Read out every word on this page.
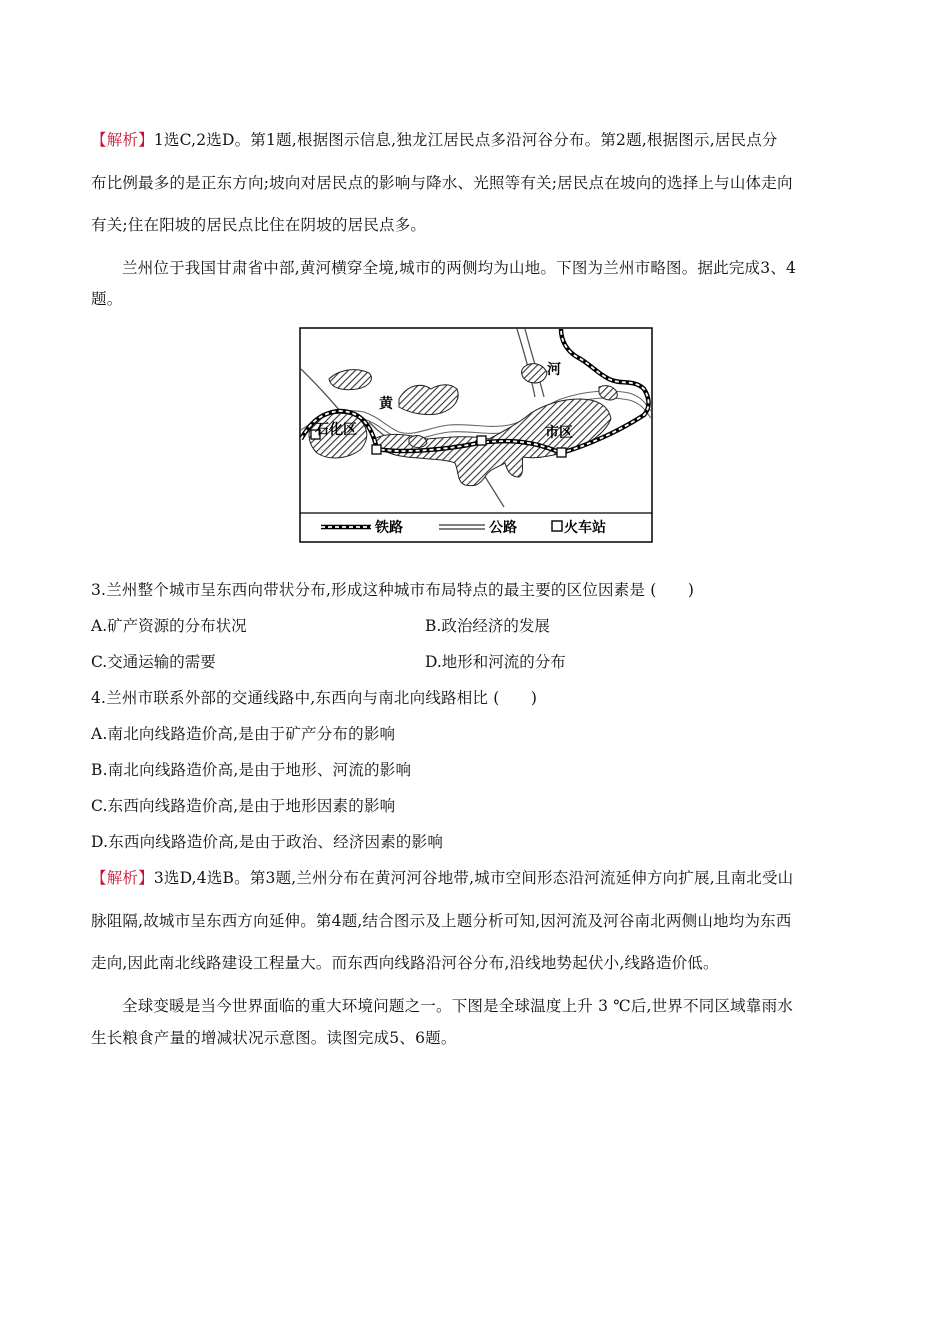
【解析】1选C,2选D。第1题,根据图示信息,独龙江居民点多沿河谷分布。第2题,根据图示,居民点分
布比例最多的是正东方向;坡向对居民点的影响与降水、光照等有关;居民点在坡向的选择上与山体走向
有关;住在阳坡的居民点比住在阴坡的居民点多。
兰州位于我国甘肃省中部,黄河横穿全境,城市的两侧均为山地。下图为兰州市略图。据此完成3、4
题。
黄
河
石化区	市区
铁路	公路	火车站
3.兰州整个城市呈东西向带状分布,形成这种城市布局特点的最主要的区位因素是 (　　)
A.矿产资源的分布状况	B.政治经济的发展
C.交通运输的需要	D.地形和河流的分布
4.兰州市联系外部的交通线路中,东西向与南北向线路相比 (　　)
A.南北向线路造价高,是由于矿产分布的影响
B.南北向线路造价高,是由于地形、河流的影响
C.东西向线路造价高,是由于地形因素的影响
D.东西向线路造价高,是由于政治、经济因素的影响
【解析】3选D,4选B。第3题,兰州分布在黄河河谷地带,城市空间形态沿河流延伸方向扩展,且南北受山
脉阻隔,故城市呈东西方向延伸。第4题,结合图示及上题分析可知,因河流及河谷南北两侧山地均为东西
走向,因此南北线路建设工程量大。而东西向线路沿河谷分布,沿线地势起伏小,线路造价低。
全球变暖是当今世界面临的重大环境问题之一。下图是全球温度上升 3 ℃后,世界不同区域靠雨水
生长粮食产量的增减状况示意图。读图完成5、6题。
